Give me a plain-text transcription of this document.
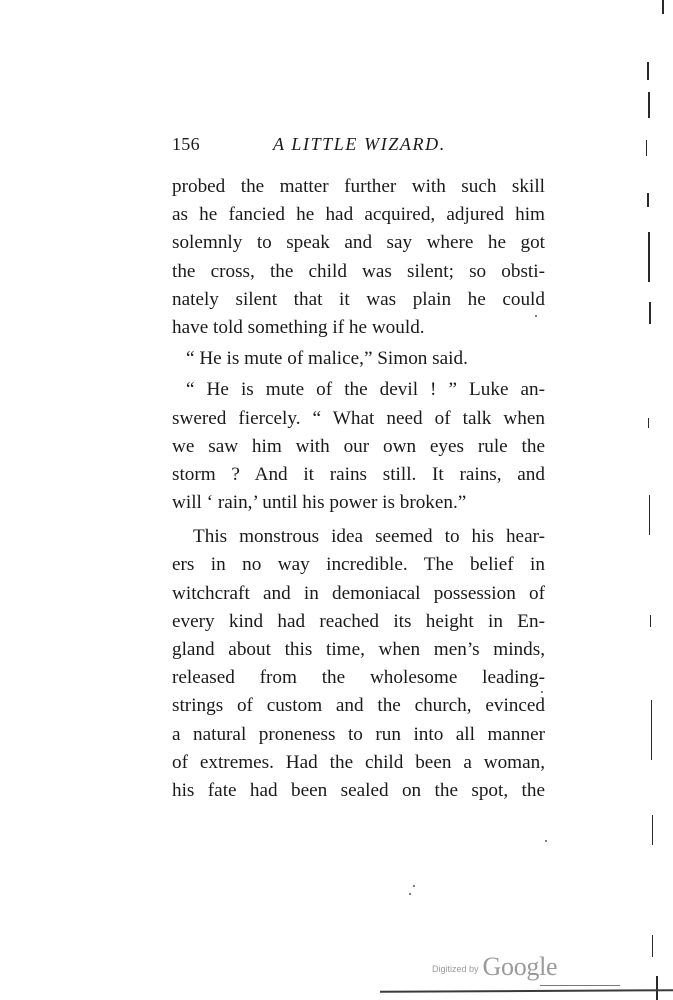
156	A LITTLE WIZARD.
probed the matter further with such skill
as he fancied he had acquired, adjured him
solemnly to speak and say where he got
the cross, the child was silent; so obsti-
nately silent that it was plain he could
have told something if he would.
“ He is mute of malice,” Simon said.
“ He is mute of the devil ! ” Luke an-
swered fiercely. “ What need of talk when
we saw him with our own eyes rule the
storm ? And it rains still. It rains, and
will ‘ rain,’ until his power is broken.”
This monstrous idea seemed to his hear-
ers in no way incredible. The belief in
witchcraft and in demoniacal possession of
every kind had reached its height in En-
gland about this time, when men’s minds,
released from the wholesome leading-
strings of custom and the church, evinced
a natural proneness to run into all manner
of extremes. Had the child been a woman,
his fate had been sealed on the spot, the
Digitized by Google
